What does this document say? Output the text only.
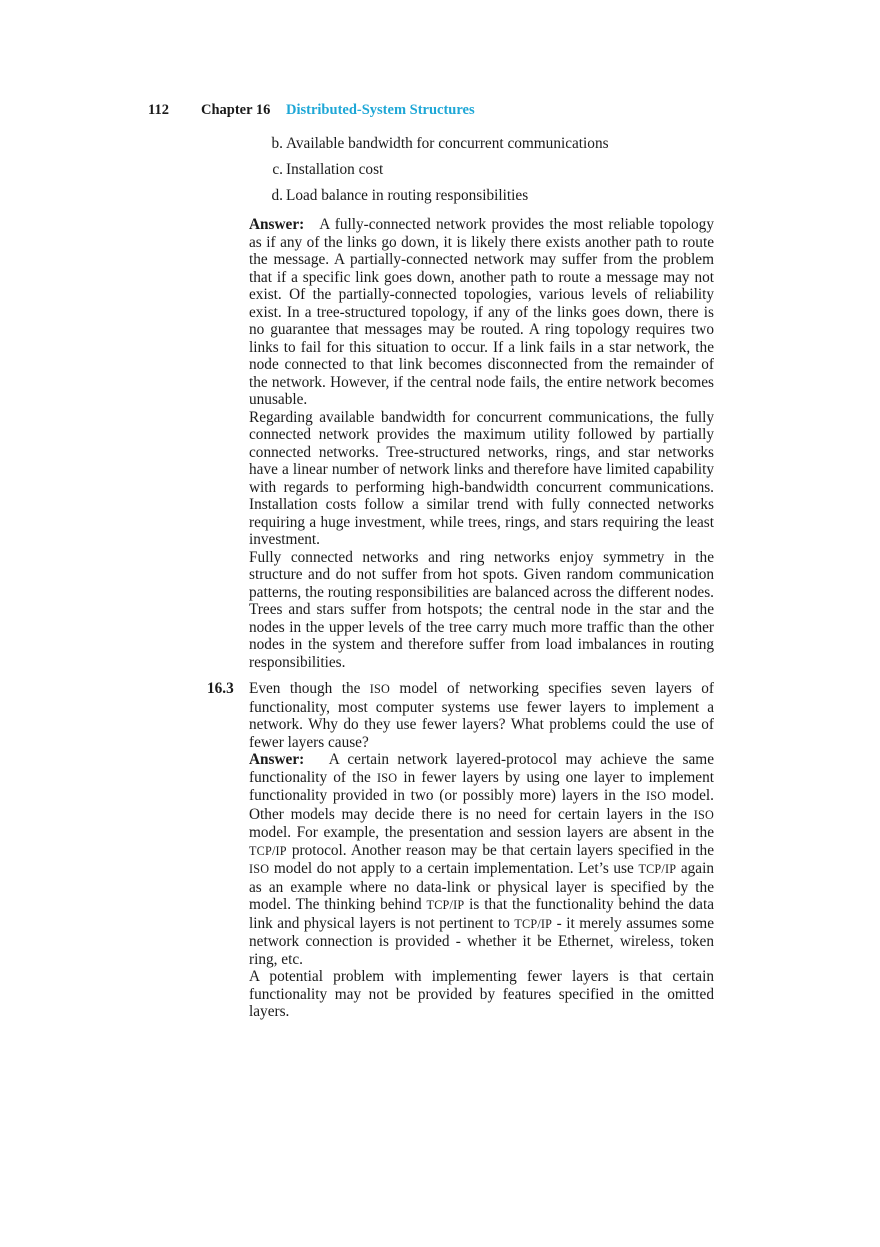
112 Chapter 16 Distributed-System Structures
b. Available bandwidth for concurrent communications
c. Installation cost
d. Load balance in routing responsibilities

Answer: A fully-connected network provides the most reliable topology as if any of the links go down, it is likely there exists another path to route the message. A partially-connected network may suffer from the problem that if a specific link goes down, another path to route a message may not exist. Of the partially-connected topologies, various levels of reliability exist. In a tree-structured topology, if any of the links goes down, there is no guarantee that messages may be routed. A ring topology requires two links to fail for this situation to occur. If a link fails in a star network, the node connected to that link becomes disconnected from the remainder of the network. However, if the central node fails, the entire network becomes unusable.

Regarding available bandwidth for concurrent communications, the fully connected network provides the maximum utility followed by partially connected networks. Tree-structured networks, rings, and star networks have a linear number of network links and therefore have limited capability with regards to performing high-bandwidth concurrent communications. Installation costs follow a similar trend with fully connected networks requiring a huge investment, while trees, rings, and stars requiring the least investment.

Fully connected networks and ring networks enjoy symmetry in the structure and do not suffer from hot spots. Given random communication patterns, the routing responsibilities are balanced across the different nodes. Trees and stars suffer from hotspots; the central node in the star and the nodes in the upper levels of the tree carry much more traffic than the other nodes in the system and therefore suffer from load imbalances in routing responsibilities.

16.3 Even though the ISO model of networking specifies seven layers of functionality, most computer systems use fewer layers to implement a network. Why do they use fewer layers? What problems could the use of fewer layers cause?

Answer: A certain network layered-protocol may achieve the same functionality of the ISO in fewer layers by using one layer to implement functionality provided in two (or possibly more) layers in the ISO model. Other models may decide there is no need for certain layers in the ISO model. For example, the presentation and session layers are absent in the TCP/IP protocol. Another reason may be that certain layers specified in the ISO model do not apply to a certain implementation. Let’s use TCP/IP again as an example where no data-link or physical layer is specified by the model. The thinking behind TCP/IP is that the functionality behind the data link and physical layers is not pertinent to TCP/IP - it merely assumes some network connection is provided - whether it be Ethernet, wireless, token ring, etc.

A potential problem with implementing fewer layers is that certain functionality may not be provided by features specified in the omitted layers.
